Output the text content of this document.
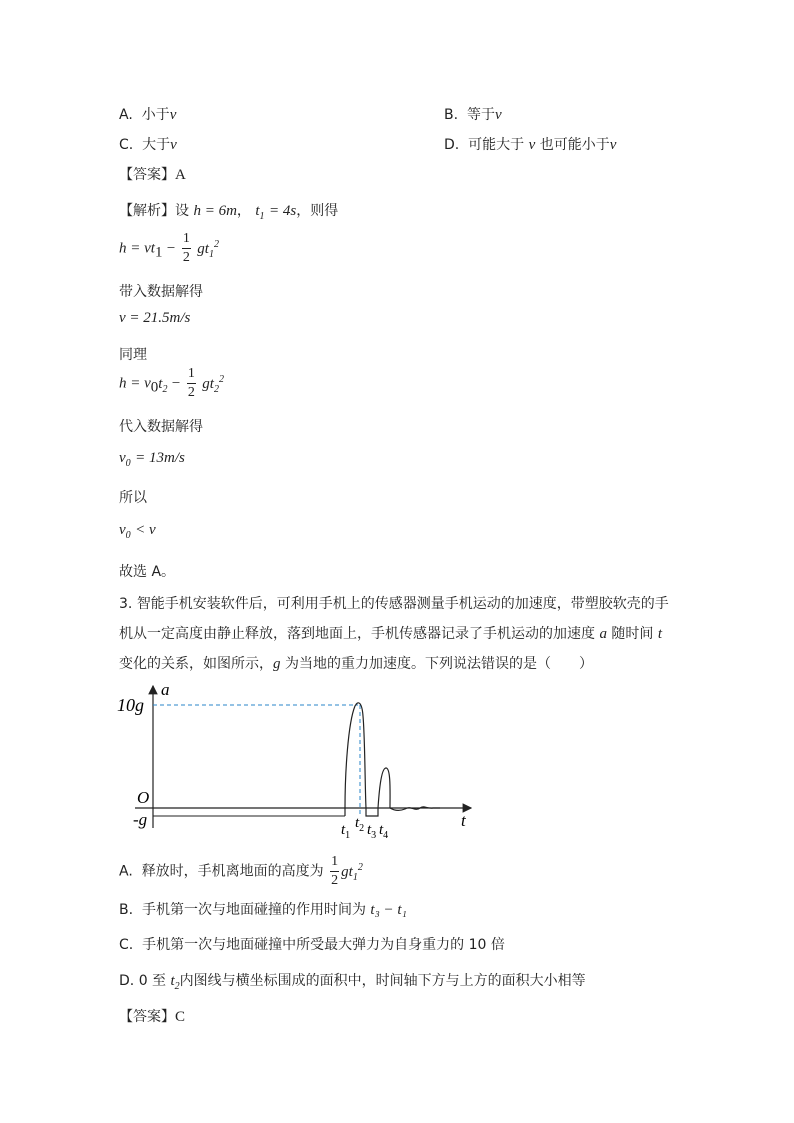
A. 小于v	B. 等于v
C. 大于v	D. 可能大于 v 也可能小于v
【答案】A
【解析】设 h = 6m， $t_1 = 4s$，则得
$h = vt_1 - \frac{1}{2} gt_1^2$
带入数据解得
v = 21.5m/s
同理
$h = v_0t_2 - \frac{1}{2} gt_2^2$
代入数据解得
$v_0 = 13m/s$
所以
$v_0 < v$
故选 A。
3. 智能手机安装软件后，可利用手机上的传感器测量手机运动的加速度，带塑胶软壳的手
机从一定高度由静止释放，落到地面上，手机传感器记录了手机运动的加速度 a 随时间 t
变化的关系，如图所示，g 为当地的重力加速度。下列说法错误的是（　　）
a
10g
O
-g	t
$t_1$
$t_2$ $t_3$ $t_4$
A. 释放时，手机离地面的高度为 $\frac{1}{2} gt_1^2$
B. 手机第一次与地面碰撞的作用时间为 t₃ − t₁
C. 手机第一次与地面碰撞中所受最大弹力为自身重力的 10 倍
D. 0 至 $t_2$内图线与横坐标围成的面积中，时间轴下方与上方的面积大小相等
【答案】C
